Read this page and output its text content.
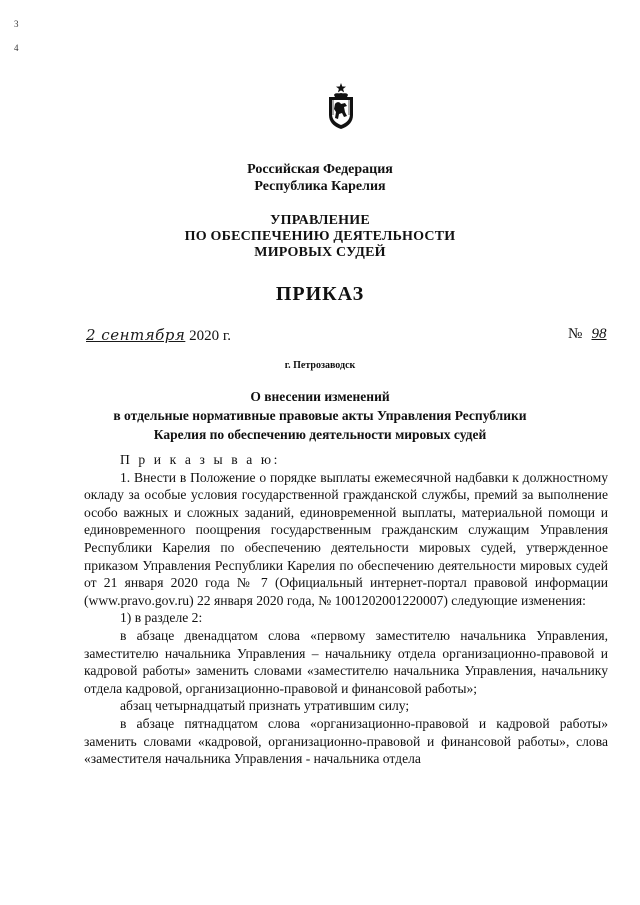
3
4
Российская Федерация
Республика Карелия
УПРАВЛЕНИЕ
ПО ОБЕСПЕЧЕНИЮ ДЕЯТЕЛЬНОСТИ
МИРОВЫХ СУДЕЙ
ПРИКАЗ
2 сентября 2020 г.	№ 98
г. Петрозаводск
О внесении изменений
в отдельные нормативные правовые акты Управления Республики
Карелия по обеспечению деятельности мировых судей

П р и к а з ы в а ю:

1. Внести в Положение о порядке выплаты ежемесячной надбавки к должностному окладу за особые условия государственной гражданской службы, премий за выполнение особо важных и сложных заданий, единовременной выплаты, материальной помощи и единовременного поощрения государственным гражданским служащим Управления Республики Карелия по обеспечению деятельности мировых судей, утвержденное приказом Управления Республики Карелия по обеспечению деятельности мировых судей от 21 января 2020 года № 7 (Официальный интернет-портал правовой информации (www.pravo.gov.ru) 22 января 2020 года, № 1001202001220007) следующие изменения:

1) в разделе 2:

в абзаце двенадцатом слова «первому заместителю начальника Управления, заместителю начальника Управления – начальнику отдела организационно-правовой и кадровой работы» заменить словами «заместителю начальника Управления, начальнику отдела кадровой, организационно-правовой и финансовой работы»;

абзац четырнадцатый признать утратившим силу;

в абзаце пятнадцатом слова «организационно-правовой и кадровой работы» заменить словами «кадровой, организационно-правовой и финансовой работы», слова «заместителя начальника Управления - начальника отдела
